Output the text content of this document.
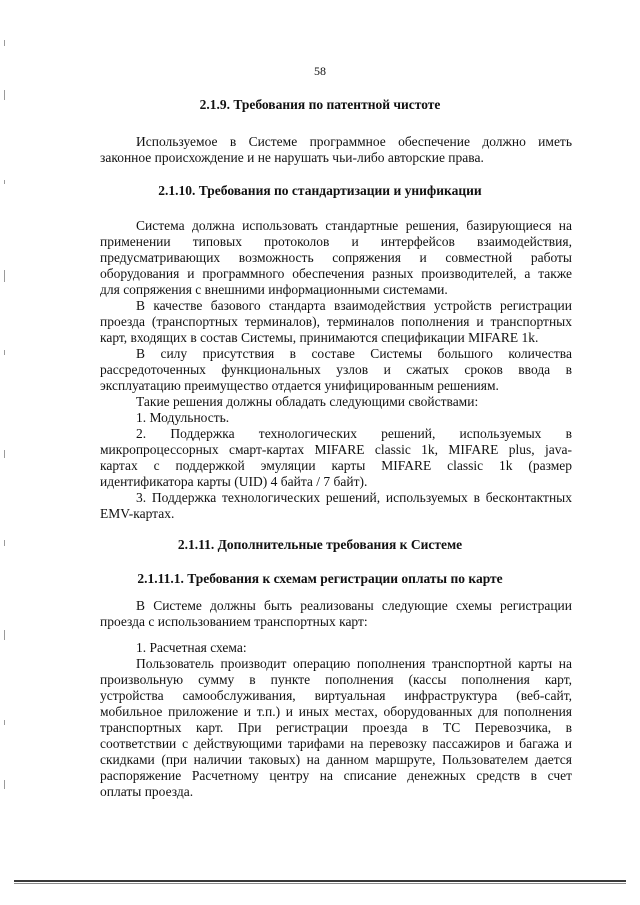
58
2.1.9. Требования по патентной чистоте
Используемое в Системе программное обеспечение должно иметь
законное происхождение и не нарушать чьи-либо авторские права.
2.1.10. Требования по стандартизации и унификации
Система должна использовать стандартные решения, базирующиеся на
применении типовых протоколов и интерфейсов взаимодействия,
предусматривающих возможность сопряжения и совместной работы
оборудования и программного обеспечения разных производителей, а также
для сопряжения с внешними информационными системами.
В качестве базового стандарта взаимодействия устройств регистрации
проезда (транспортных терминалов), терминалов пополнения и транспортных
карт, входящих в состав Системы, принимаются спецификации MIFARE 1k.
В силу присутствия в составе Системы большого количества
рассредоточенных функциональных узлов и сжатых сроков ввода в
эксплуатацию преимущество отдается унифицированным решениям.
Такие решения должны обладать следующими свойствами:
1. Модульность.
2. Поддержка технологических решений, используемых в
микропроцессорных смарт-картах MIFARE classic 1k, MIFARE plus, java-
картах с поддержкой эмуляции карты MIFARE classic 1k (размер
идентификатора карты (UID) 4 байта / 7 байт).
3. Поддержка технологических решений, используемых в бесконтактных
EMV-картах.
2.1.11. Дополнительные требования к Системе
2.1.11.1. Требования к схемам регистрации оплаты по карте
В Системе должны быть реализованы следующие схемы регистрации
проезда с использованием транспортных карт:
1. Расчетная схема:
Пользователь производит операцию пополнения транспортной карты на
произвольную сумму в пункте пополнения (кассы пополнения карт,
устройства самообслуживания, виртуальная инфраструктура (веб-сайт,
мобильное приложение и т.п.) и иных местах, оборудованных для пополнения
транспортных карт. При регистрации проезда в ТС Перевозчика, в
соответствии с действующими тарифами на перевозку пассажиров и багажа и
скидками (при наличии таковых) на данном маршруте, Пользователем дается
распоряжение Расчетному центру на списание денежных средств в счет
оплаты проезда.
